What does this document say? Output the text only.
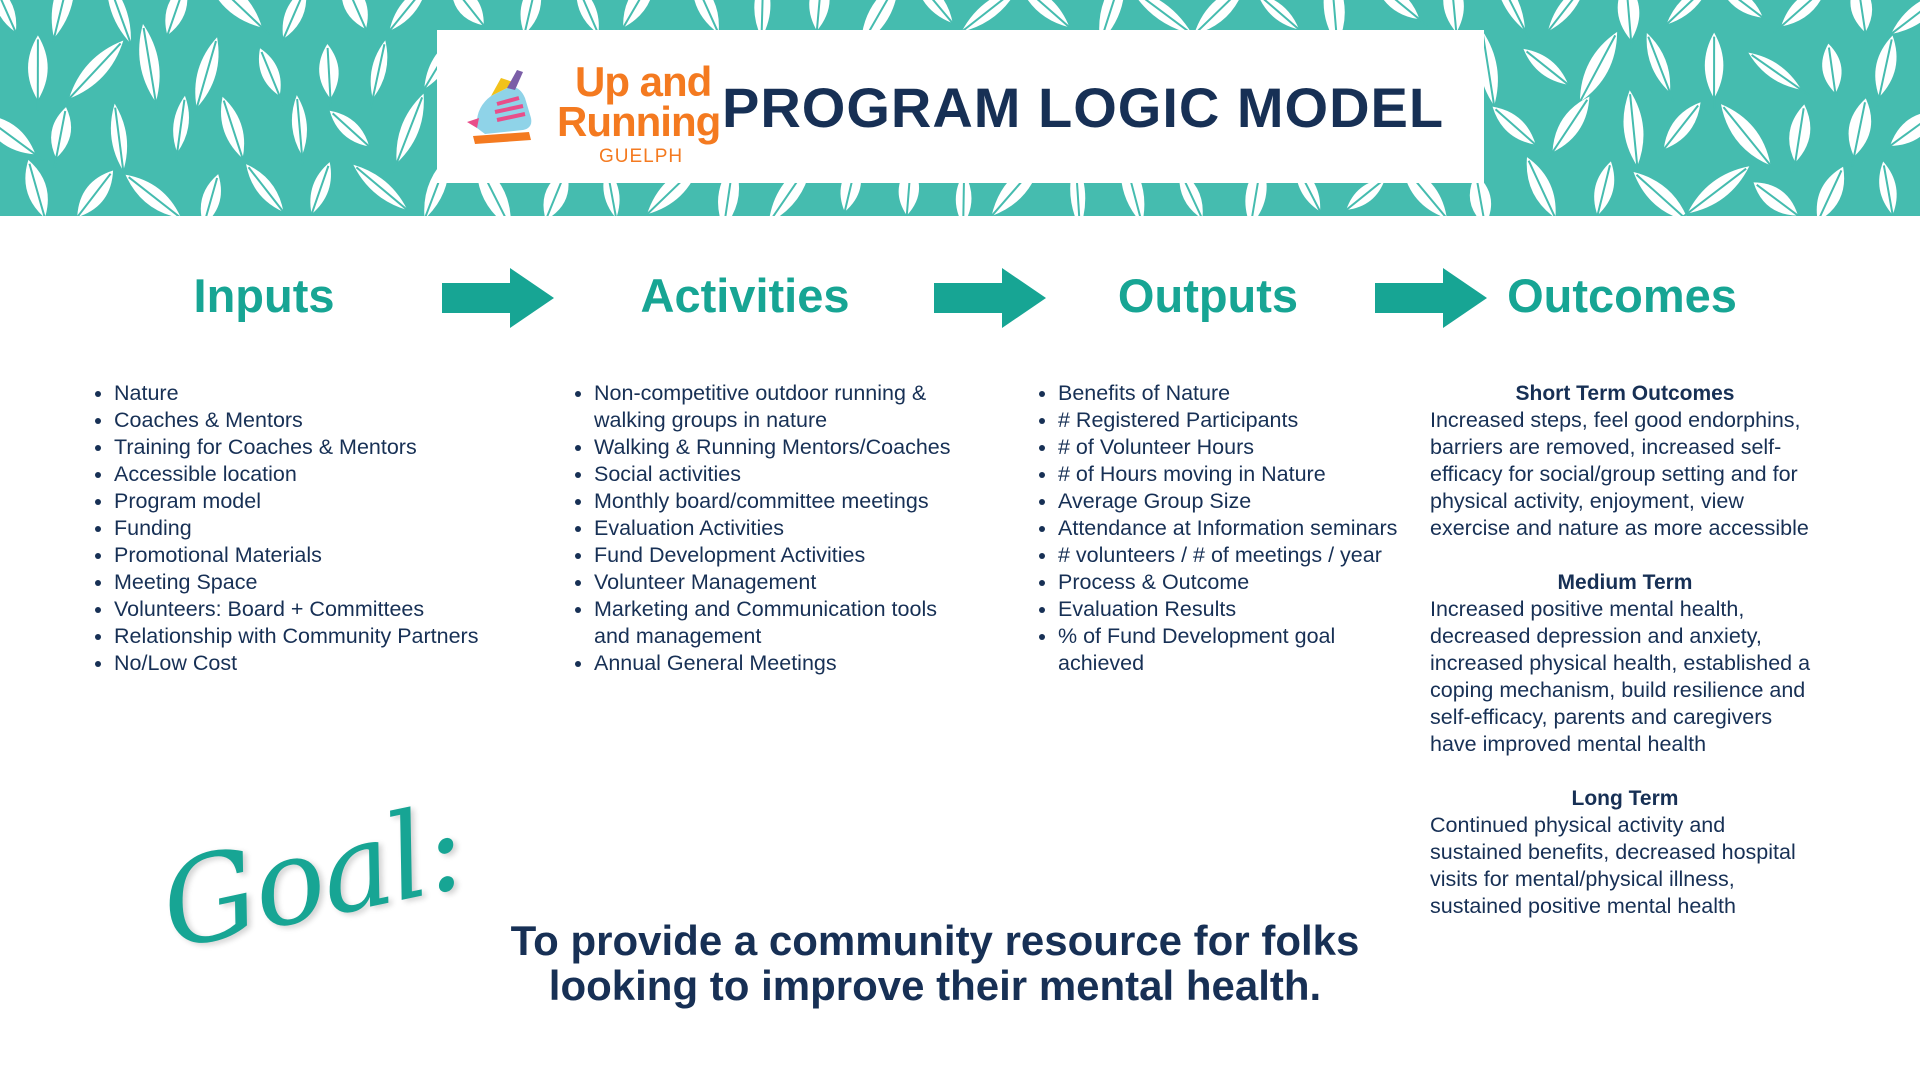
Up and
Running
GUELPH
PROGRAM LOGIC MODEL
Inputs	Activities	Outputs	Outcomes
• Nature
• Coaches & Mentors
• Training for Coaches & Mentors
• Accessible location
• Program model
• Funding
• Promotional Materials
• Meeting Space
• Volunteers: Board + Committees
• Relationship with Community Partners
• No/Low Cost
• Non-competitive outdoor running & walking groups in nature
• Walking & Running Mentors/Coaches
• Social activities
• Monthly board/committee meetings
• Evaluation Activities
• Fund Development Activities
• Volunteer Management
• Marketing and Communication tools and management
• Annual General Meetings
• Benefits of Nature
• # Registered Participants
• # of Volunteer Hours
• # of Hours moving in Nature
• Average Group Size
• Attendance at Information seminars
• # volunteers / # of meetings / year
• Process & Outcome
• Evaluation Results
• % of Fund Development goal achieved
Short Term Outcomes
Increased steps, feel good endorphins, barriers are removed, increased self-efficacy for social/group setting and for physical activity, enjoyment, view exercise and nature as more accessible
Medium Term
Increased positive mental health, decreased depression and anxiety, increased physical health, established a coping mechanism, build resilience and self-efficacy, parents and caregivers have improved mental health
Long Term
Continued physical activity and sustained benefits, decreased hospital visits for mental/physical illness, sustained positive mental health
Goal: To provide a community resource for folks looking to improve their mental health.
